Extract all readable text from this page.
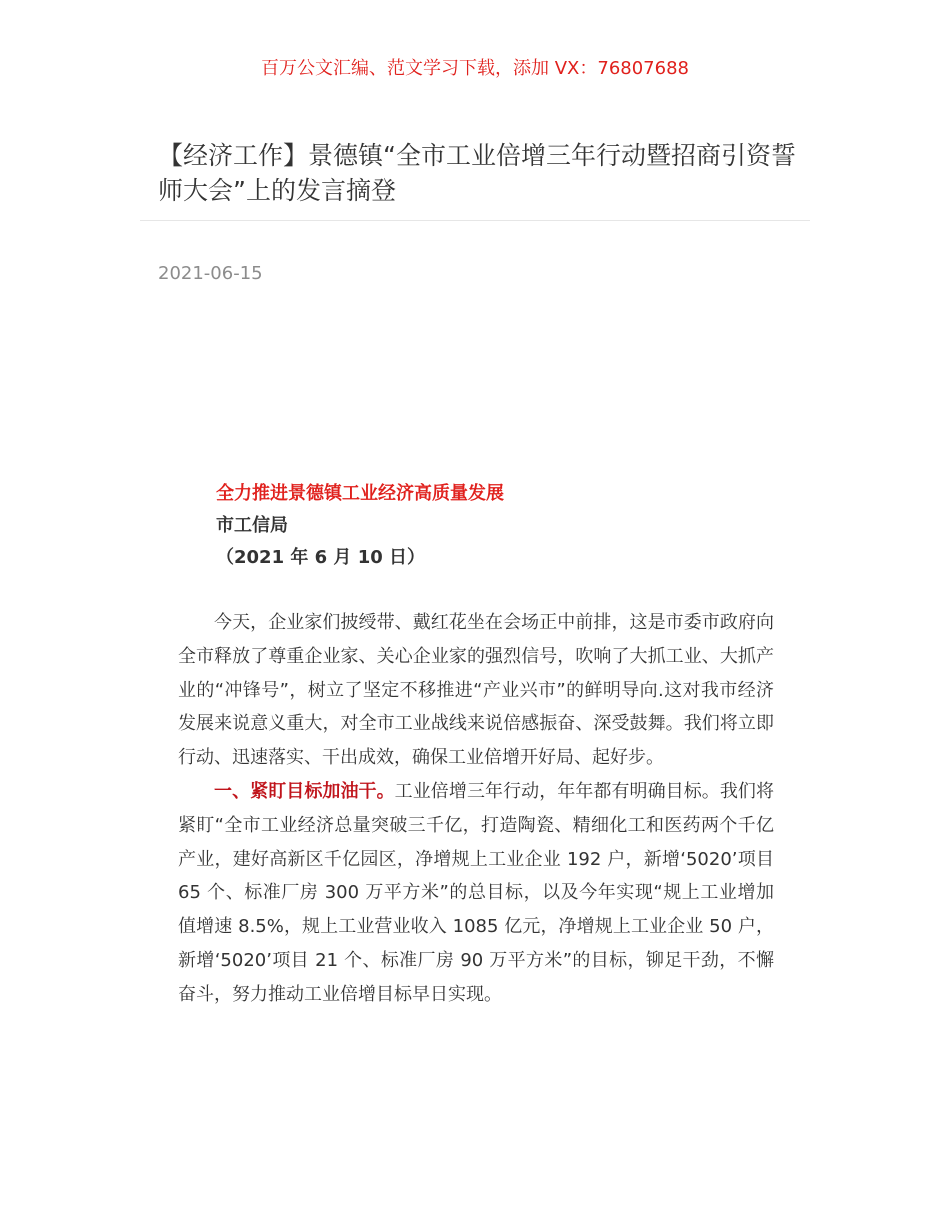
百万公文汇编、范文学习下载，添加 VX：76807688
【经济工作】景德镇“全市工业倍增三年行动暨招商引资誓师大会”上的发言摘登
2021-06-15
全力推进景德镇工业经济高质量发展
市工信局
（2021 年 6 月 10 日）

今天，企业家们披绶带、戴红花坐在会场正中前排，这是市委市政府向全市释放了尊重企业家、关心企业家的强烈信号，吹响了大抓工业、大抓产业的“冲锋号”，树立了坚定不移推进“产业兴市”的鲜明导向.这对我市经济发展来说意义重大，对全市工业战线来说倍感振奋、深受鼓舞。我们将立即行动、迅速落实、干出成效，确保工业倍增开好局、起好步。

一、紧盯目标加油干。工业倍增三年行动，年年都有明确目标。我们将紧盯“全市工业经济总量突破三千亿，打造陶瓷、精细化工和医药两个千亿产业，建好高新区千亿园区，净增规上工业企业 192 户，新增‘5020’项目 65 个、标准厂房 300 万平方米”的总目标，以及今年实现“规上工业增加值增速 8.5%，规上工业营业收入 1085 亿元，净增规上工业企业 50 户，新增‘5020’项目 21 个、标准厂房 90 万平方米”的目标，铆足干劲，不懈奋斗，努力推动工业倍增目标早日实现。
